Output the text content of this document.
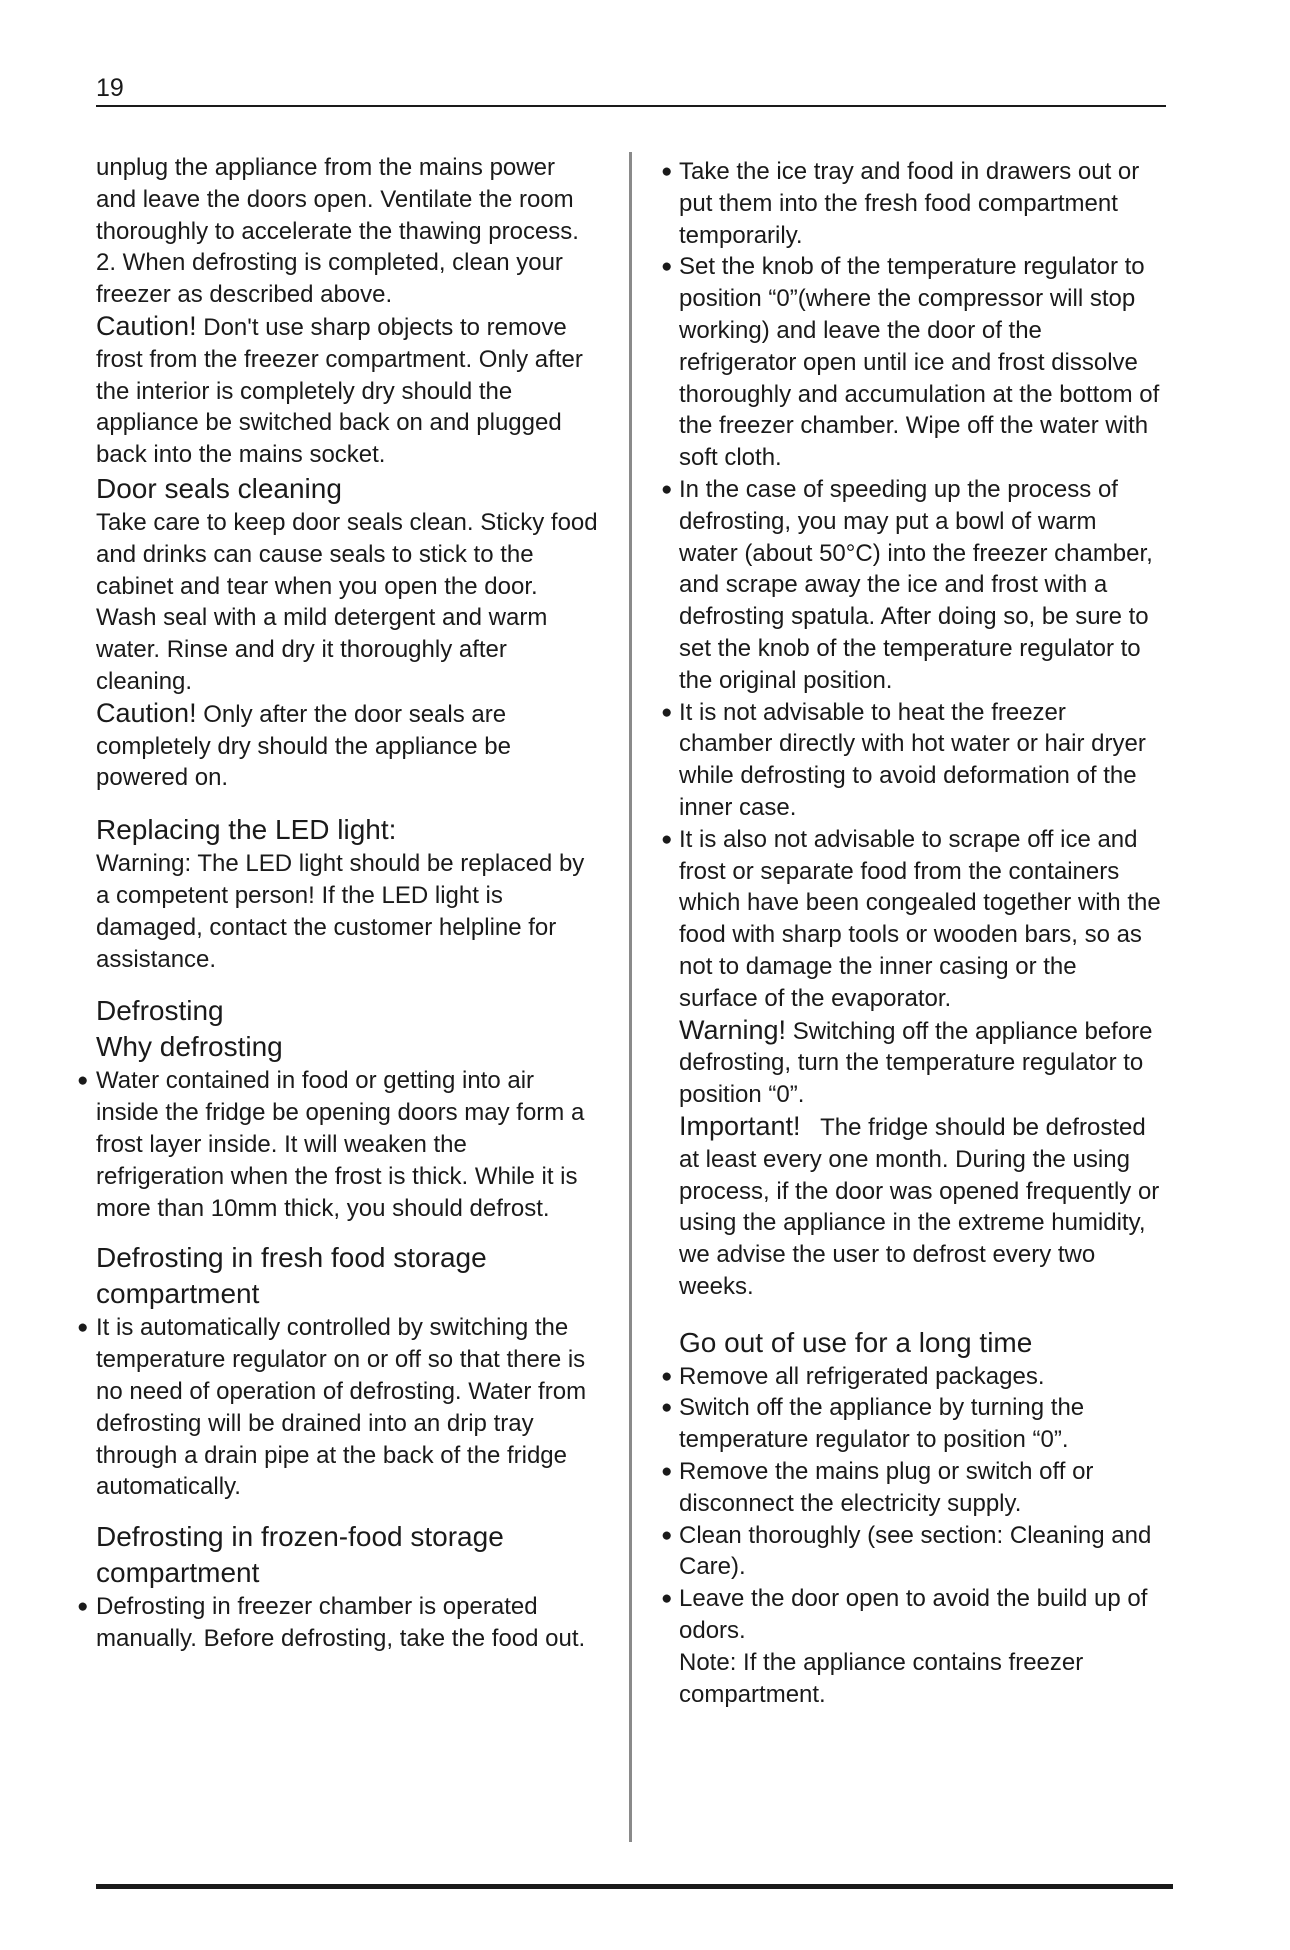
19

unplug the appliance from the mains power and leave the doors open. Ventilate the room thoroughly to accelerate the thawing process.

2. When defrosting is completed, clean your freezer as described above.

Caution! Don't use sharp objects to remove frost from the freezer compartment. Only after the interior is completely dry should the appliance be switched back on and plugged back into the mains socket.

Door seals cleaning

Take care to keep door seals clean. Sticky food and drinks can cause seals to stick to the cabinet and tear when you open the door. Wash seal with a mild detergent and warm water. Rinse and dry it thoroughly after cleaning.

Caution! Only after the door seals are completely dry should the appliance be powered on.

Replacing the LED light:

Warning: The LED light should be replaced by a competent person! If the LED light is damaged, contact the customer helpline for assistance.

Defrosting

Why defrosting

● Water contained in food or getting into air inside the fridge be opening doors may form a frost layer inside. It will weaken the refrigeration when the frost is thick. While it is more than 10mm thick, you should defrost.

Defrosting in fresh food storage compartment

● It is automatically controlled by switching the temperature regulator on or off so that there is no need of operation of defrosting. Water from defrosting will be drained into an drip tray through a drain pipe at the back of the fridge automatically.

Defrosting in frozen-food storage compartment

● Defrosting in freezer chamber is operated manually. Before defrosting, take the food out.

● Take the ice tray and food in drawers out or put them into the fresh food compartment temporarily.

● Set the knob of the temperature regulator to position “0”(where the compressor will stop working) and leave the door of the refrigerator open until ice and frost dissolve thoroughly and accumulation at the bottom of the freezer chamber. Wipe off the water with soft cloth.

● In the case of speeding up the process of defrosting, you may put a bowl of warm water (about 50°C) into the freezer chamber, and scrape away the ice and frost with a defrosting spatula. After doing so, be sure to set the knob of the temperature regulator to the original position.

● It is not advisable to heat the freezer chamber directly with hot water or hair dryer while defrosting to avoid deformation of the inner case.

● It is also not advisable to scrape off ice and frost or separate food from the containers which have been congealed together with the food with sharp tools or wooden bars, so as not to damage the inner casing or the surface of the evaporator.

Warning! Switching off the appliance before defrosting, turn the temperature regulator to position “0”.

Important!   The fridge should be defrosted at least every one month. During the using process, if the door was opened frequently or using the appliance in the extreme humidity, we advise the user to defrost every two weeks.

Go out of use for a long time

● Remove all refrigerated packages.

● Switch off the appliance by turning the temperature regulator to position “0”.

● Remove the mains plug or switch off or disconnect the electricity supply.

● Clean thoroughly (see section: Cleaning and Care).

● Leave the door open to avoid the build up of odors.

Note: If the appliance contains freezer compartment.
